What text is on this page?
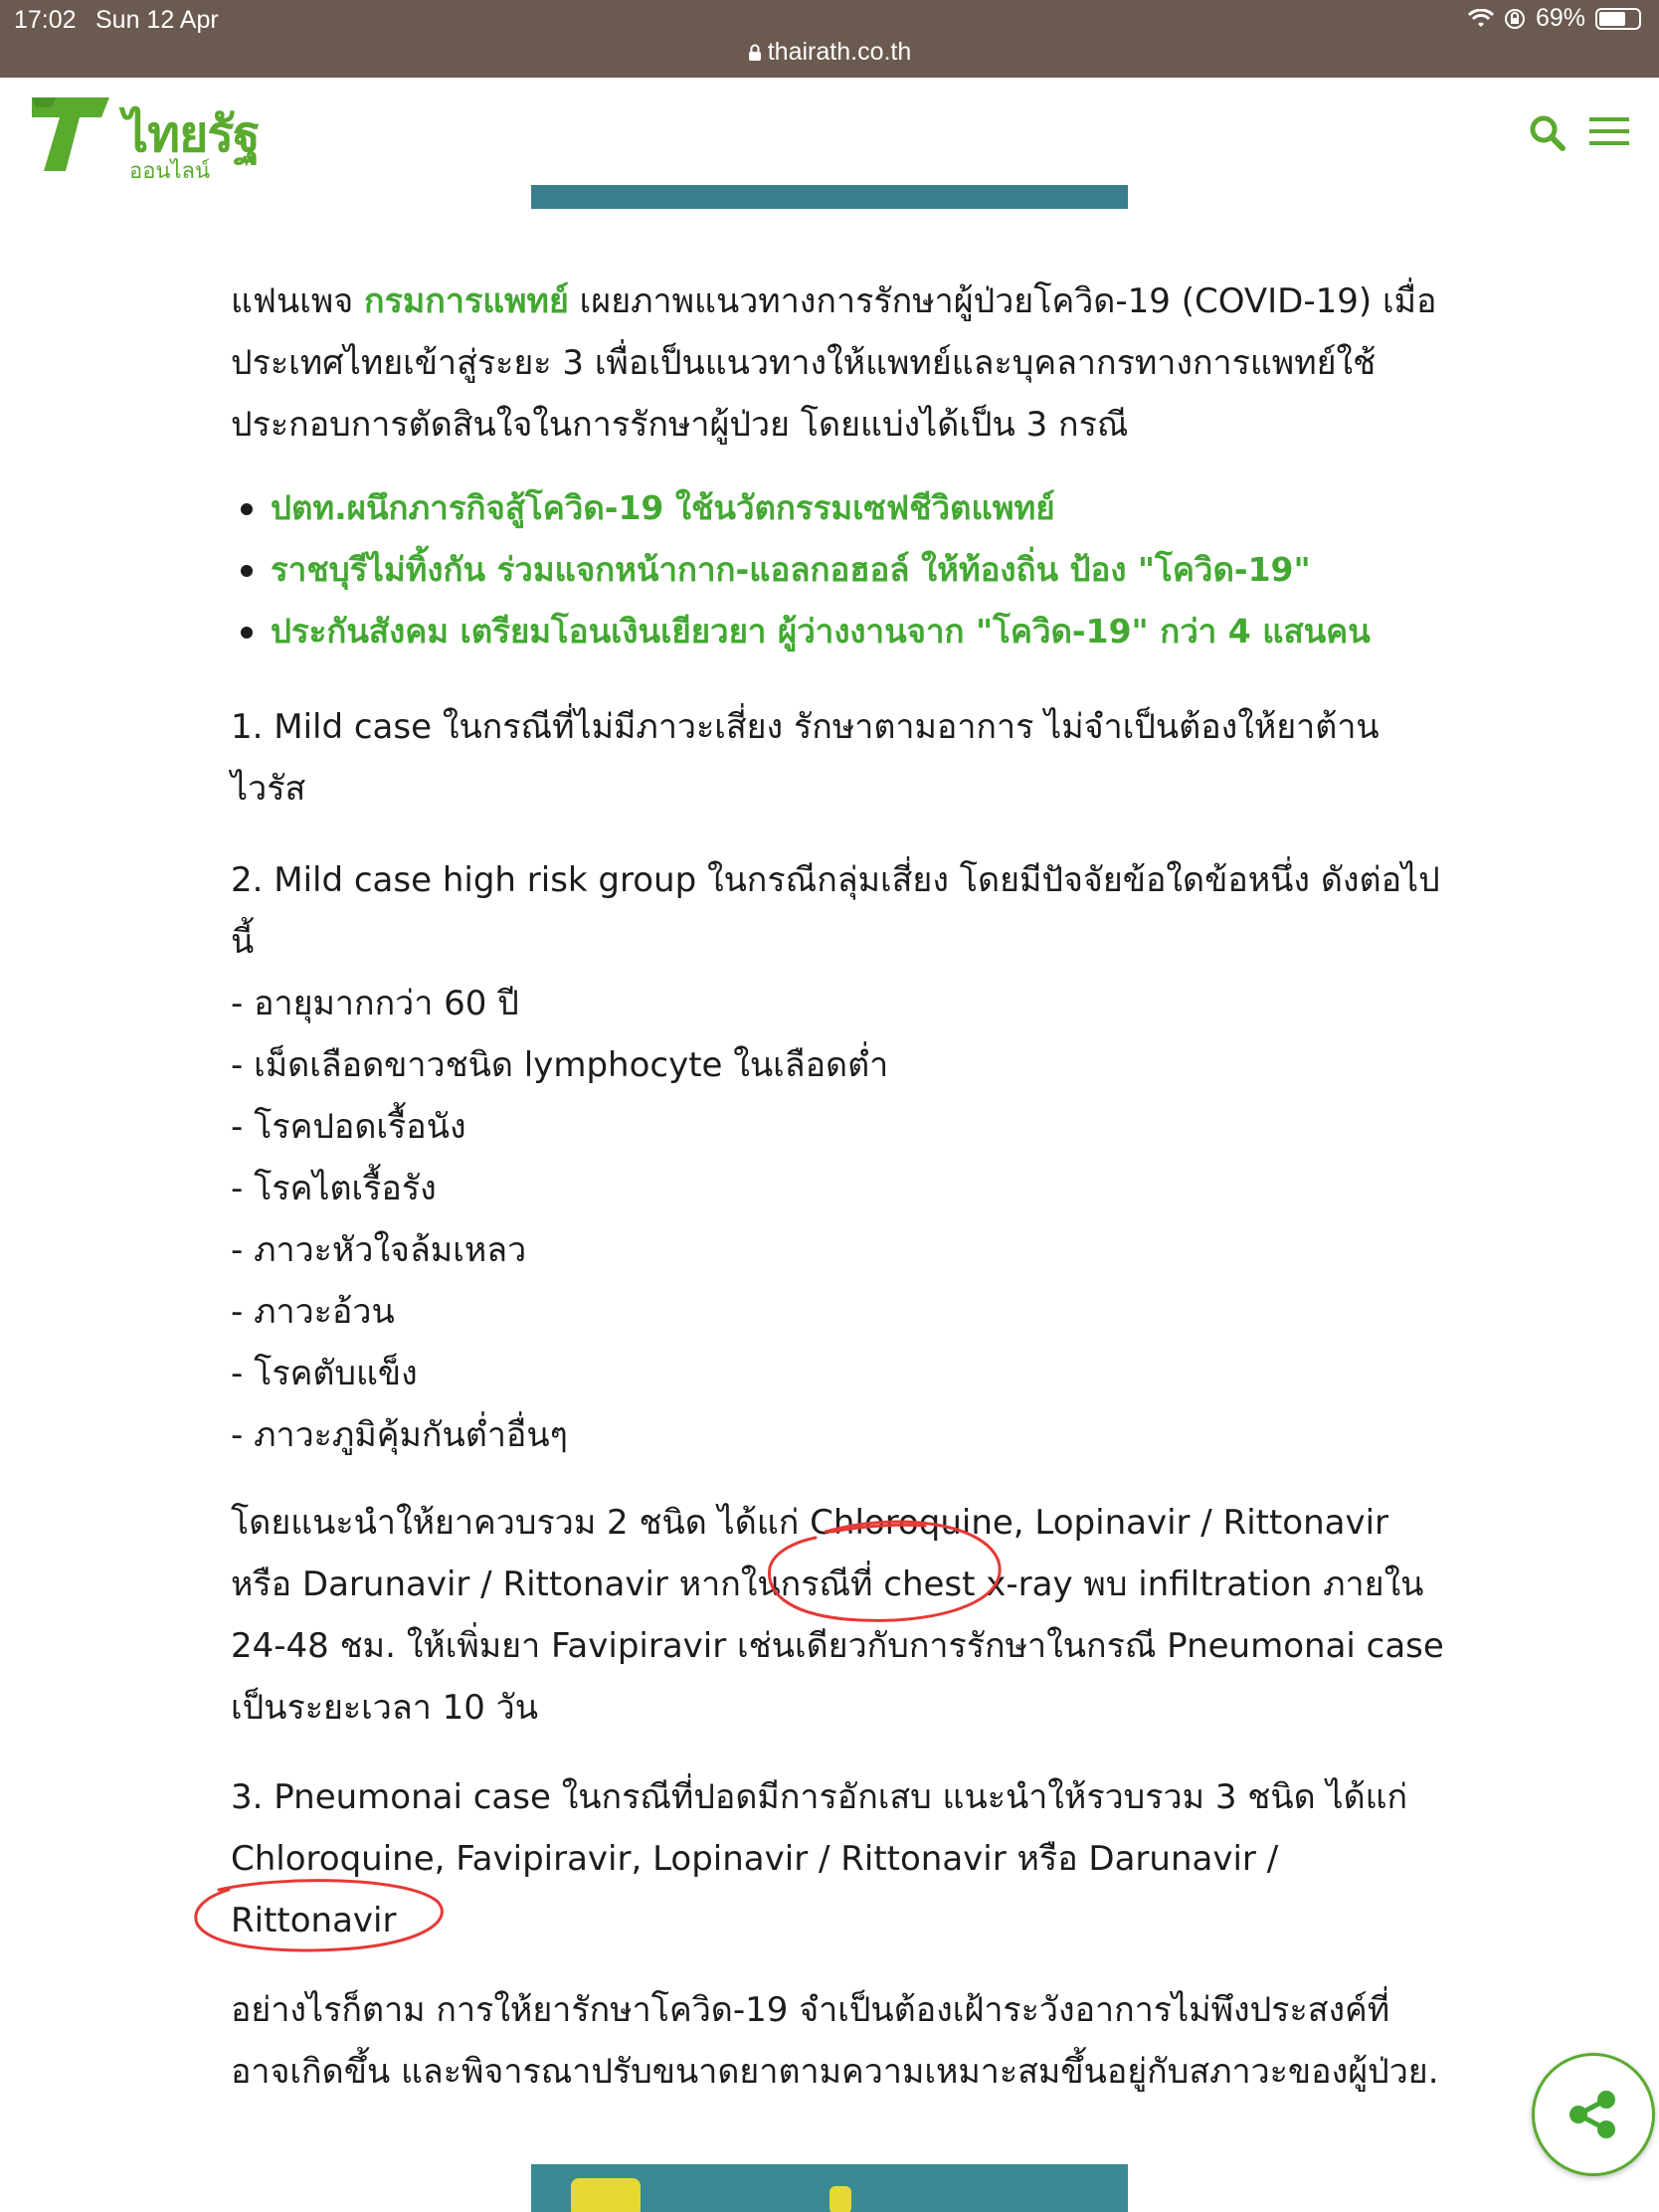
17:02 Sun 12 Apr	69%
thairath.co.th
ไทยรัฐ
ออนไลน์

แฟนเพจ กรมการแพทย์ เผยภาพแนวทางการรักษาผู้ป่วยโควิด-19 (COVID-19) เมื่อประเทศไทยเข้าสู่ระยะ 3 เพื่อเป็นแนวทางให้แพทย์และบุคลากรทางการแพทย์ใช้ประกอบการตัดสินใจในการรักษาผู้ป่วย โดยแบ่งได้เป็น 3 กรณี

ปตท.ผนึกภารกิจสู้โควิด-19 ใช้นวัตกรรมเซฟชีวิตแพทย์
ราชบุรีไม่ทิ้งกัน ร่วมแจกหน้ากาก-แอลกอฮอล์ ให้ท้องถิ่น ป้อง "โควิด-19"
ประกันสังคม เตรียมโอนเงินเยียวยา ผู้ว่างงานจาก "โควิด-19" กว่า 4 แสนคน

1. Mild case ในกรณีที่ไม่มีภาวะเสี่ยง รักษาตามอาการ ไม่จำเป็นต้องให้ยาต้านไวรัส

2. Mild case high risk group ในกรณีกลุ่มเสี่ยง โดยมีปัจจัยข้อใดข้อหนึ่ง ดังต่อไปนี้

- อายุมากกว่า 60 ปี
- เม็ดเลือดขาวชนิด lymphocyte ในเลือดต่ำ
- โรคปอดเรื้อนัง
- โรคไตเรื้อรัง
- ภาวะหัวใจล้มเหลว
- ภาวะอ้วน
- โรคตับแข็ง
- ภาวะภูมิคุ้มกันต่ำอื่นๆ

โดยแนะนำให้ยาควบรวม 2 ชนิด ได้แก่ Chloroquine, Lopinavir / Rittonavir หรือ Darunavir / Rittonavir หากในกรณีที่ chest x-ray พบ infiltration ภายใน 24-48 ชม. ให้เพิ่มยา Favipiravir เช่นเดียวกับการรักษาในกรณี Pneumonai case เป็นระยะเวลา 10 วัน

3. Pneumonai case ในกรณีที่ปอดมีการอักเสบ แนะนำให้รวบรวม 3 ชนิด ได้แก่ Chloroquine, Favipiravir, Lopinavir / Rittonavir หรือ Darunavir / Rittonavir

อย่างไรก็ตาม การให้ยารักษาโควิด-19 จำเป็นต้องเฝ้าระวังอาการไม่พึงประสงค์ที่อาจเกิดขึ้น และพิจารณาปรับขนาดยาตามความเหมาะสมขึ้นอยู่กับสภาวะของผู้ป่วย.
